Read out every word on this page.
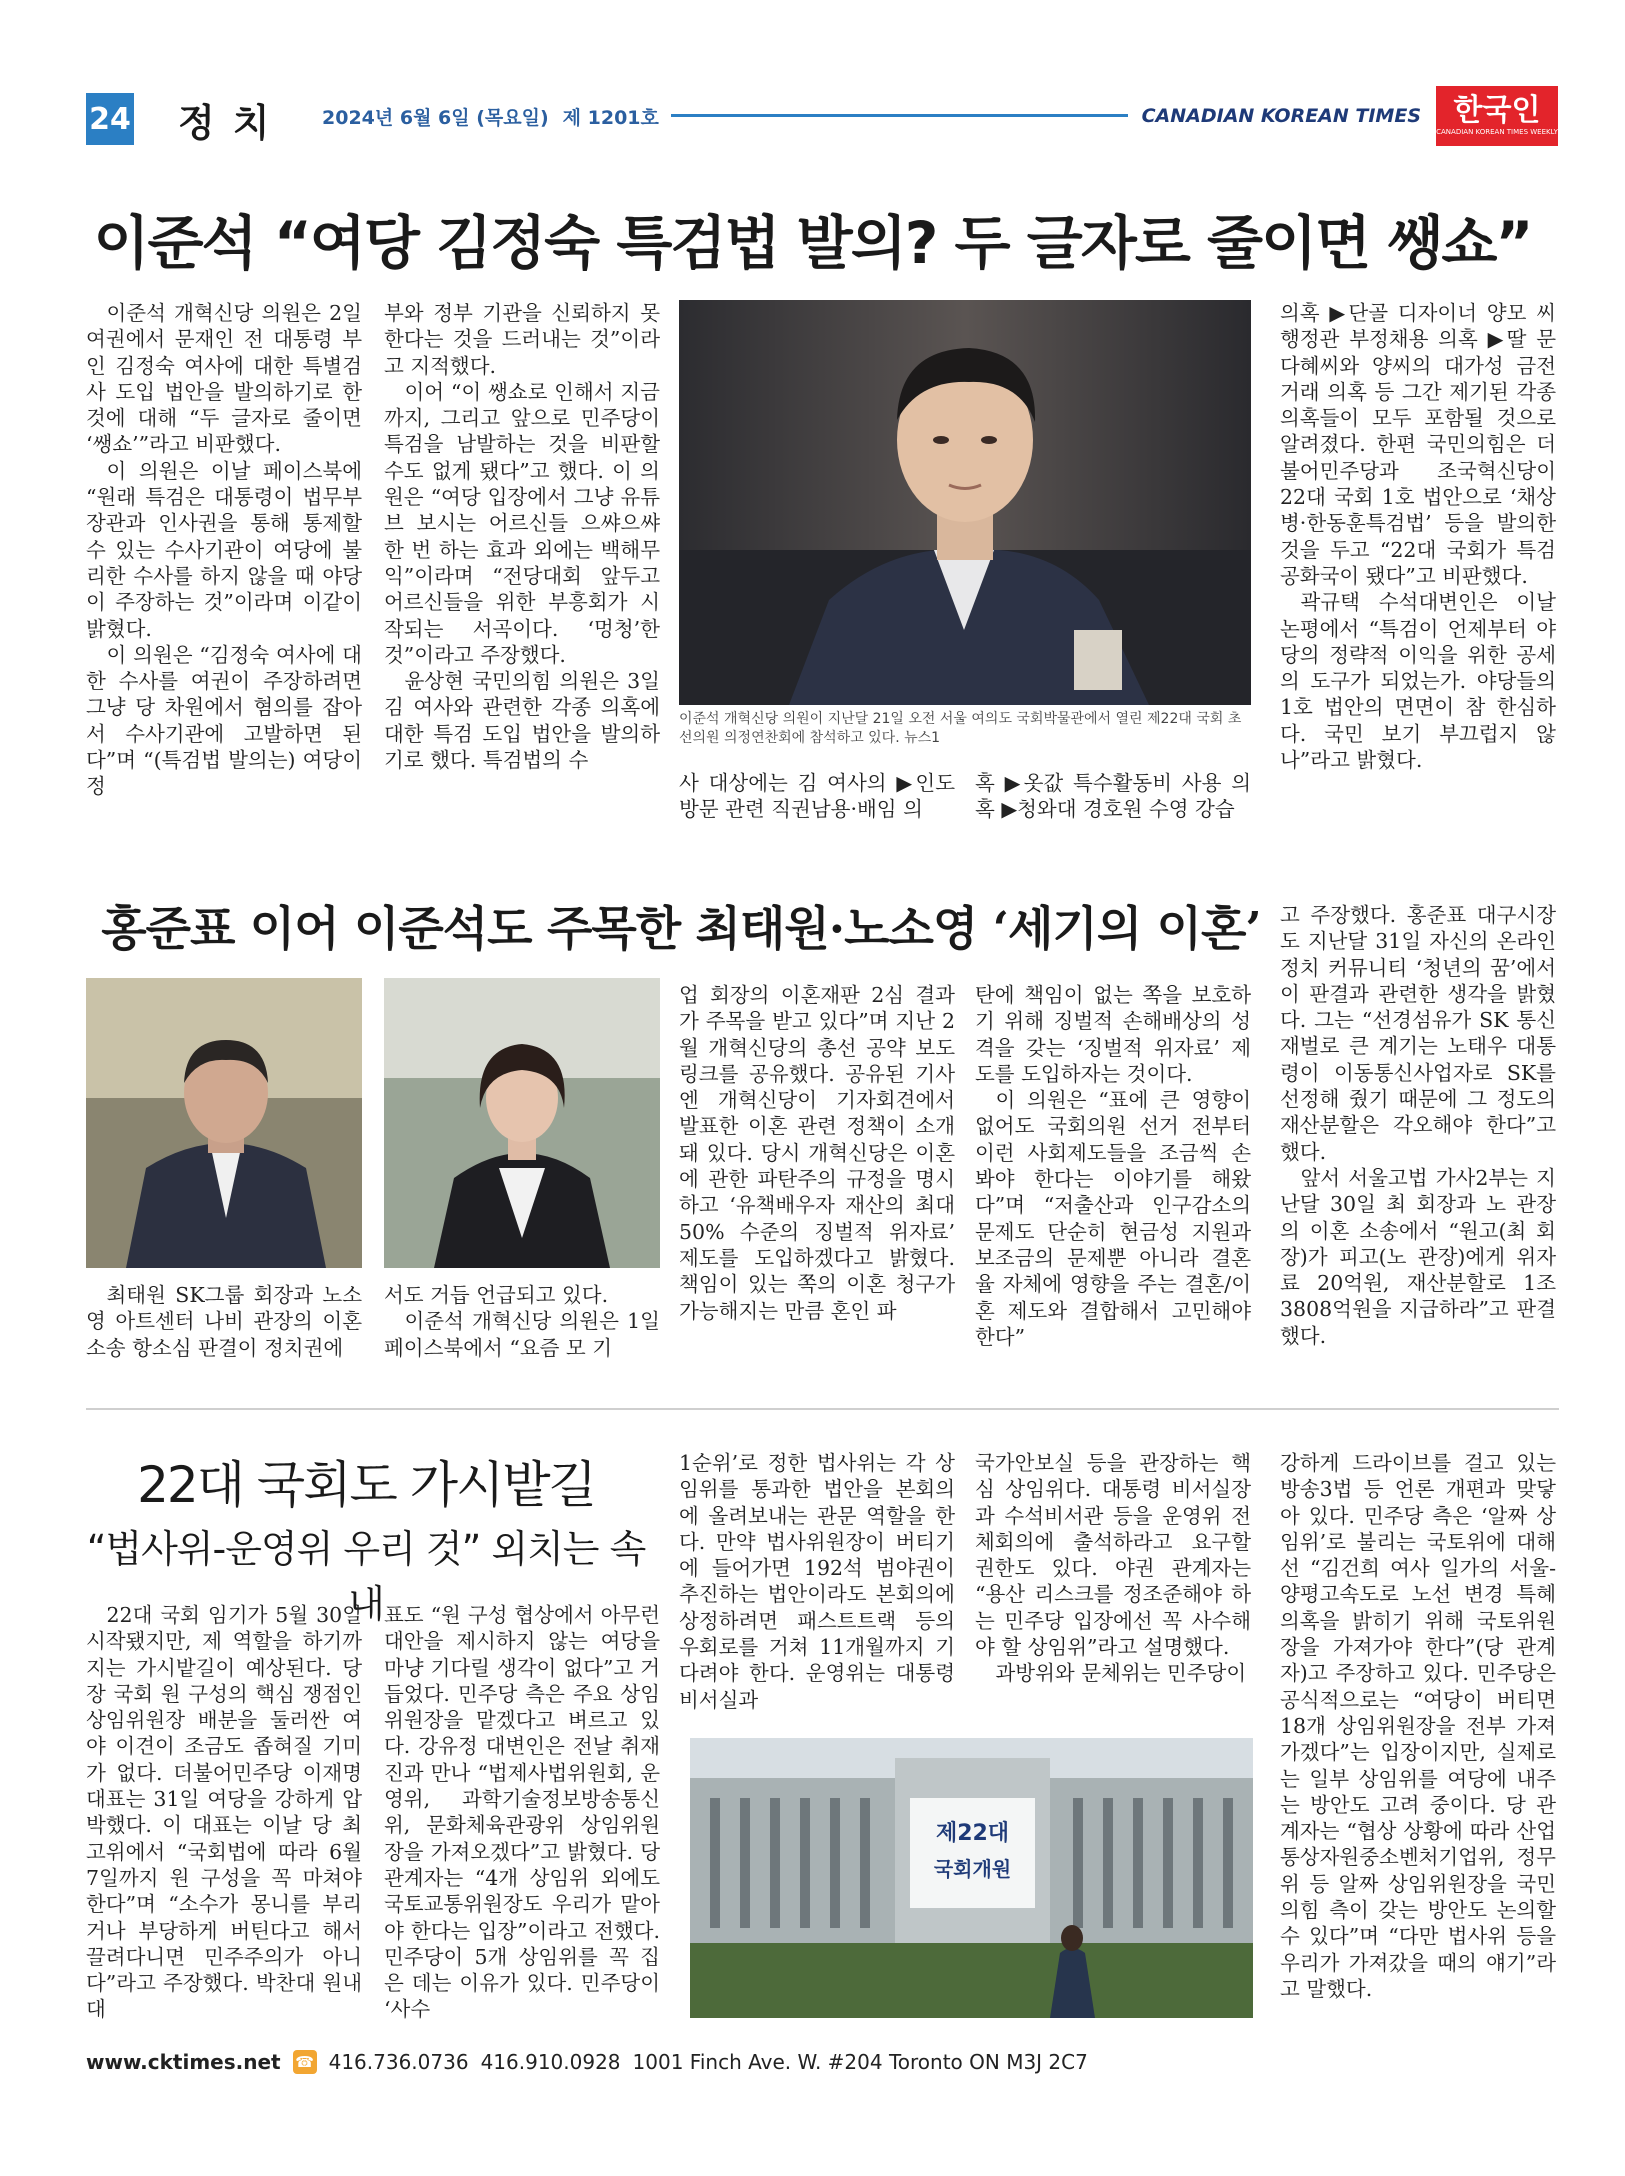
24 정치	2024년 6월 6일 (목요일) 제 1201호	CANADIAN KOREAN TIMES 한국인
CANADIAN KOREAN TIMES WEEKLY
이준석 “여당 김정숙 특검법 발의? 두 글자로 줄이면 쌩쇼”

이준석 개혁신당 의원은 2일 여권에서 문재인 전 대통령 부인 김정숙 여사에 대한 특별검사 도입 법안을 발의하기로 한 것에 대해 “두 글자로 줄이면 ‘쌩쇼’”라고 비판했다.

이 의원은 이날 페이스북에 “원래 특검은 대통령이 법무부장관과 인사권을 통해 통제할 수 있는 수사기관이 여당에 불리한 수사를 하지 않을 때 야당이 주장하는 것”이라며 이같이 밝혔다.

이 의원은 “김정숙 여사에 대한 수사를 여권이 주장하려면 그냥 당 차원에서 혐의를 잡아서 수사기관에 고발하면 된다”며 “(특검법 발의는) 여당이 정

부와 정부 기관을 신뢰하지 못한다는 것을 드러내는 것”이라고 지적했다.

이어 “이 쌩쇼로 인해서 지금까지, 그리고 앞으로 민주당이 특검을 남발하는 것을 비판할 수도 없게 됐다”고 했다. 이 의원은 “여당 입장에서 그냥 유튜브 보시는 어르신들 으쌰으쌰 한 번 하는 효과 외에는 백해무익”이라며 “전당대회 앞두고 어르신들을 위한 부흥회가 시작되는 서곡이다. ‘멍청’한 것”이라고 주장했다.

윤상현 국민의힘 의원은 3일 김 여사와 관련한 각종 의혹에 대한 특검 도입 법안을 발의하기로 했다. 특검법의 수

이준석 개혁신당 의원이 지난달 21일 오전 서울 여의도 국회박물관에서 열린 제22대 국회 초선의원 의정연찬회에 참석하고 있다. 뉴스1

사 대상에는 김 여사의 ▶인도 방문 관련 직권남용·배임 의

혹 ▶옷값 특수활동비 사용 의혹 ▶청와대 경호원 수영 강습

의혹 ▶단골 디자이너 양모 씨 행정관 부정채용 의혹 ▶딸 문다혜씨와 양씨의 대가성 금전거래 의혹 등 그간 제기된 각종 의혹들이 모두 포함될 것으로 알려졌다. 한편 국민의힘은 더불어민주당과 조국혁신당이 22대 국회 1호 법안으로 ‘채상병·한동훈특검법’ 등을 발의한 것을 두고 “22대 국회가 특검 공화국이 됐다”고 비판했다.

곽규택 수석대변인은 이날 논평에서 “특검이 언제부터 야당의 정략적 이익을 위한 공세의 도구가 되었는가. 야당들의 1호 법안의 면면이 참 한심하다. 국민 보기 부끄럽지 않나”라고 밝혔다.

홍준표 이어 이준석도 주목한 최태원·노소영 ‘세기의 이혼’

최태원 SK그룹 회장과 노소영 아트센터 나비 관장의 이혼 소송 항소심 판결이 정치권에

서도 거듭 언급되고 있다.

이준석 개혁신당 의원은 1일 페이스북에서 “요즘 모 기

업 회장의 이혼재판 2심 결과가 주목을 받고 있다”며 지난 2월 개혁신당의 총선 공약 보도 링크를 공유했다. 공유된 기사엔 개혁신당이 기자회견에서 발표한 이혼 관련 정책이 소개돼 있다. 당시 개혁신당은 이혼에 관한 파탄주의 규정을 명시하고 ‘유책배우자 재산의 최대 50% 수준의 징벌적 위자료’ 제도를 도입하겠다고 밝혔다. 책임이 있는 쪽의 이혼 청구가 가능해지는 만큼 혼인 파

탄에 책임이 없는 쪽을 보호하기 위해 징벌적 손해배상의 성격을 갖는 ‘징벌적 위자료’ 제도를 도입하자는 것이다.

이 의원은 “표에 큰 영향이 없어도 국회의원 선거 전부터 이런 사회제도들을 조금씩 손봐야 한다는 이야기를 해왔다”며 “저출산과 인구감소의 문제도 단순히 현금성 지원과 보조금의 문제뿐 아니라 결혼율 자체에 영향을 주는 결혼/이혼 제도와 결합해서 고민해야 한다”

고 주장했다. 홍준표 대구시장도 지난달 31일 자신의 온라인 정치 커뮤니티 ‘청년의 꿈’에서 이 판결과 관련한 생각을 밝혔다. 그는 “선경섬유가 SK 통신재벌로 큰 계기는 노태우 대통령이 이동통신사업자로 SK를 선정해 줬기 때문에 그 정도의 재산분할은 각오해야 한다”고 했다.

앞서 서울고법 가사2부는 지난달 30일 최 회장과 노 관장의 이혼 소송에서 “원고(최 회장)가 피고(노 관장)에게 위자료 20억원, 재산분할로 1조3808억원을 지급하라”고 판결했다.

22대 국회도 가시밭길
“법사위-운영위 우리 것” 외치는 속내

22대 국회 임기가 5월 30일 시작됐지만, 제 역할을 하기까지는 가시밭길이 예상된다. 당장 국회 원 구성의 핵심 쟁점인 상임위원장 배분을 둘러싼 여야 이견이 조금도 좁혀질 기미가 없다. 더불어민주당 이재명 대표는 31일 여당을 강하게 압박했다. 이 대표는 이날 당 최고위에서 “국회법에 따라 6월 7일까지 원 구성을 꼭 마쳐야 한다”며 “소수가 몽니를 부리거나 부당하게 버틴다고 해서 끌려다니면 민주주의가 아니다”라고 주장했다. 박찬대 원내대

표도 “원 구성 협상에서 아무런 대안을 제시하지 않는 여당을 마냥 기다릴 생각이 없다”고 거듭었다. 민주당 측은 주요 상임위원장을 맡겠다고 벼르고 있다. 강유정 대변인은 전날 취재진과 만나 “법제사법위원회, 운영위, 과학기술정보방송통신위, 문화체육관광위 상임위원장을 가져오겠다”고 밝혔다. 당 관계자는 “4개 상임위 외에도 국토교통위원장도 우리가 맡아야 한다는 입장”이라고 전했다. 민주당이 5개 상임위를 꼭 집은 데는 이유가 있다. 민주당이 ‘사수

1순위’로 정한 법사위는 각 상임위를 통과한 법안을 본회의에 올려보내는 관문 역할을 한다. 만약 법사위원장이 버티기에 들어가면 192석 범야권이 추진하는 법안이라도 본회의에 상정하려면 패스트트랙 등의 우회로를 거쳐 11개월까지 기다려야 한다. 운영위는 대통령비서실과

국가안보실 등을 관장하는 핵심 상임위다. 대통령 비서실장과 수석비서관 등을 운영위 전체회의에 출석하라고 요구할 권한도 있다. 야권 관계자는 “용산 리스크를 정조준해야 하는 민주당 입장에선 꼭 사수해야 할 상임위”라고 설명했다.

과방위와 문체위는 민주당이

제22대
국회개원

강하게 드라이브를 걸고 있는 방송3법 등 언론 개편과 맞닿아 있다. 민주당 측은 ‘알짜 상임위’로 불리는 국토위에 대해선 “김건희 여사 일가의 서울-양평고속도로 노선 변경 특혜 의혹을 밝히기 위해 국토위원장을 가져가야 한다”(당 관계자)고 주장하고 있다. 민주당은 공식적으로는 “여당이 버티면 18개 상임위원장을 전부 가져가겠다”는 입장이지만, 실제로는 일부 상임위를 여당에 내주는 방안도 고려 중이다. 당 관계자는 “협상 상황에 따라 산업통상자원중소벤처기업위, 정무위 등 알짜 상임위원장을 국민의힘 측이 갖는 방안도 논의할 수 있다”며 “다만 법사위 등을 우리가 가져갔을 때의 얘기”라고 말했다.

www.cktimes.net ☎ 416.736.0736 416.910.0928 1001 Finch Ave. W. #204 Toronto ON M3J 2C7
